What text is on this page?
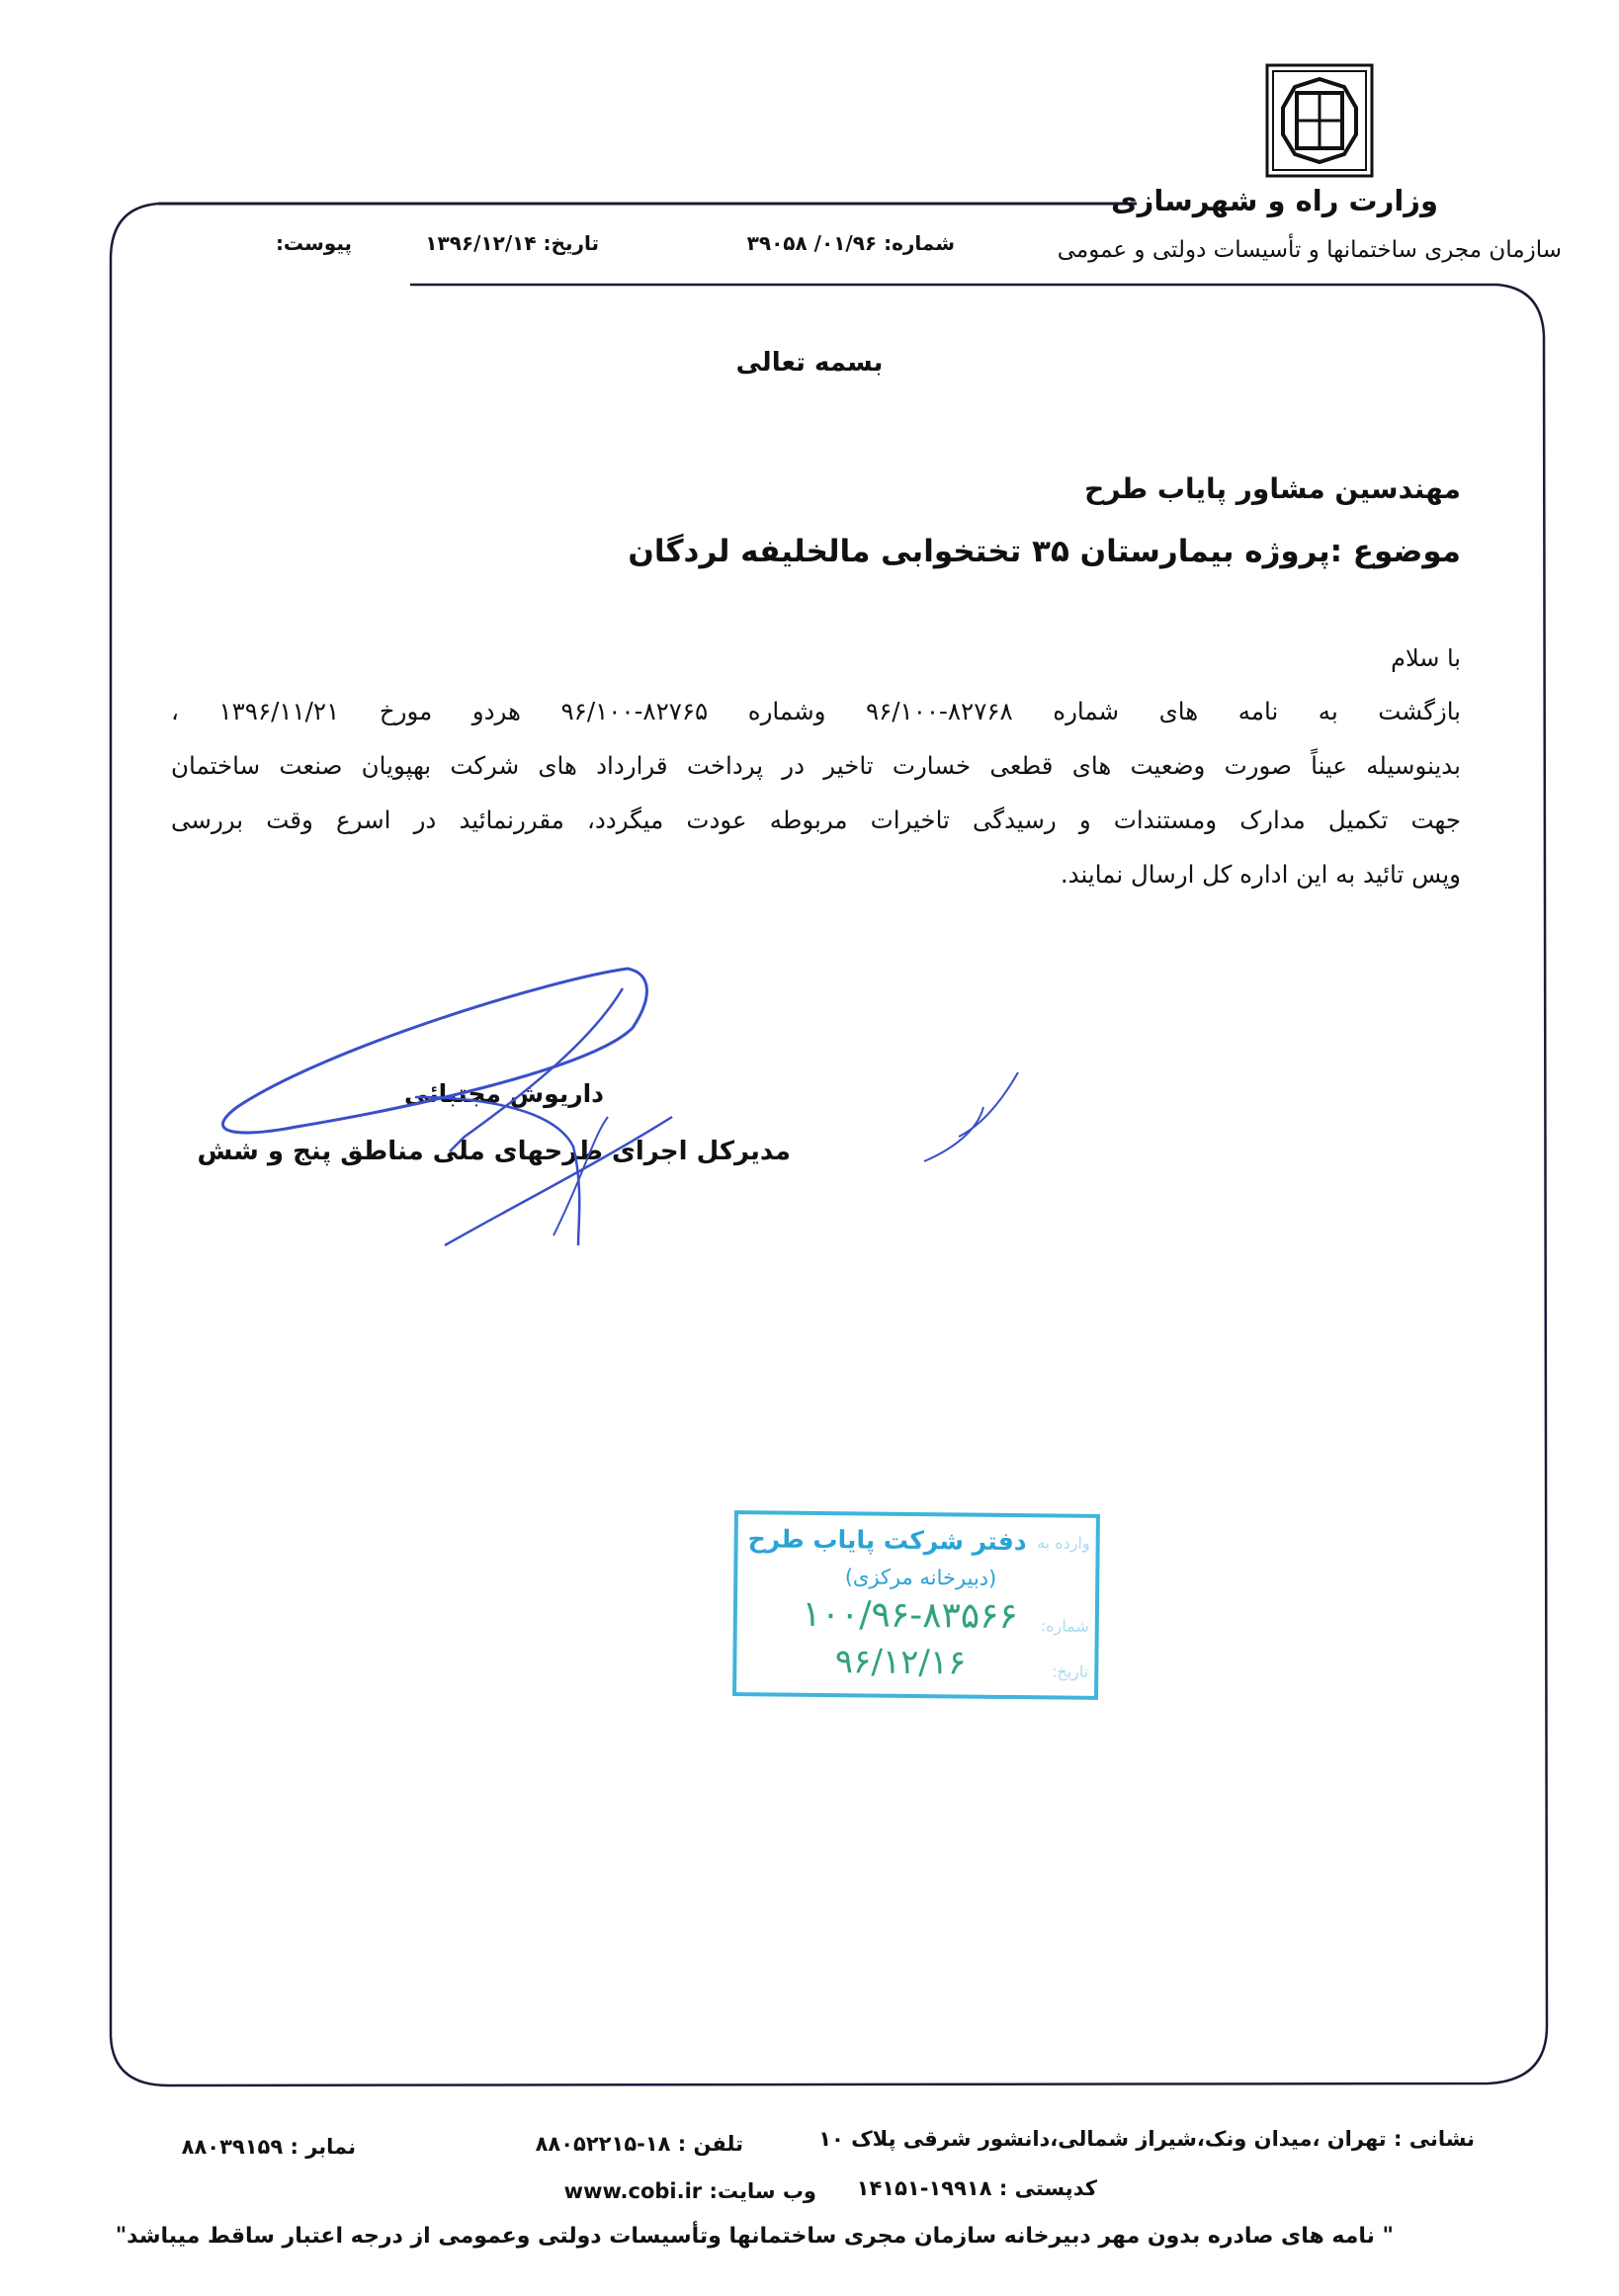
وزارت راه و شهرسازی
سازمان مجری ساختمانها و تأسیسات دولتی و عمومی
شماره: ۰۱/۹۶/ ۳۹۰۵۸
تاریخ: ۱۳۹۶/۱۲/۱۴
پیوست:
بسمه تعالی
مهندسین مشاور پایاب طرح
موضوع :پروژه بیمارستان ۳۵ تختخوابی مالخلیفه لردگان
با سلام
بازگشت به نامه های شماره ۸۲۷۶۸-۹۶/۱۰۰ وشماره ۸۲۷۶۵-۹۶/۱۰۰ هردو مورخ ۱۳۹۶/۱۱/۲۱ ،
بدینوسیله عیناً صورت وضعیت های قطعی خسارت تاخیر در پرداخت قرارداد های شرکت بهپویان صنعت ساختمان
جهت تکمیل مدارک ومستندات و رسیدگی تاخیرات مربوطه عودت میگردد، مقررنمائید در اسرع وقت بررسی
وپس تائید به این اداره کل ارسال نمایند.
داریوش مجتبائی
مدیرکل اجرای طرحهای ملی مناطق پنج و شش
وارده به
دفتر شرکت پایاب طرح
(دبیرخانه مرکزی)
شماره:
۱۰۰/۹۶-۸۳۵۶۶
تاریخ:
۹۶/۱۲/۱۶
نشانی : تهران ،میدان ونک،شیراز شمالی،دانشور شرقی پلاک ۱۰
تلفن : ۱۸-۸۸۰۵۲۲۱۵
نمابر : ۸۸۰۳۹۱۵۹
کدپستی : ۱۹۹۱۸-۱۴۱۵۱
وب سایت: www.cobi.ir
" نامه های صادره بدون مهر دبیرخانه سازمان مجری ساختمانها وتأسیسات دولتی وعمومی از درجه اعتبار ساقط میباشد"
